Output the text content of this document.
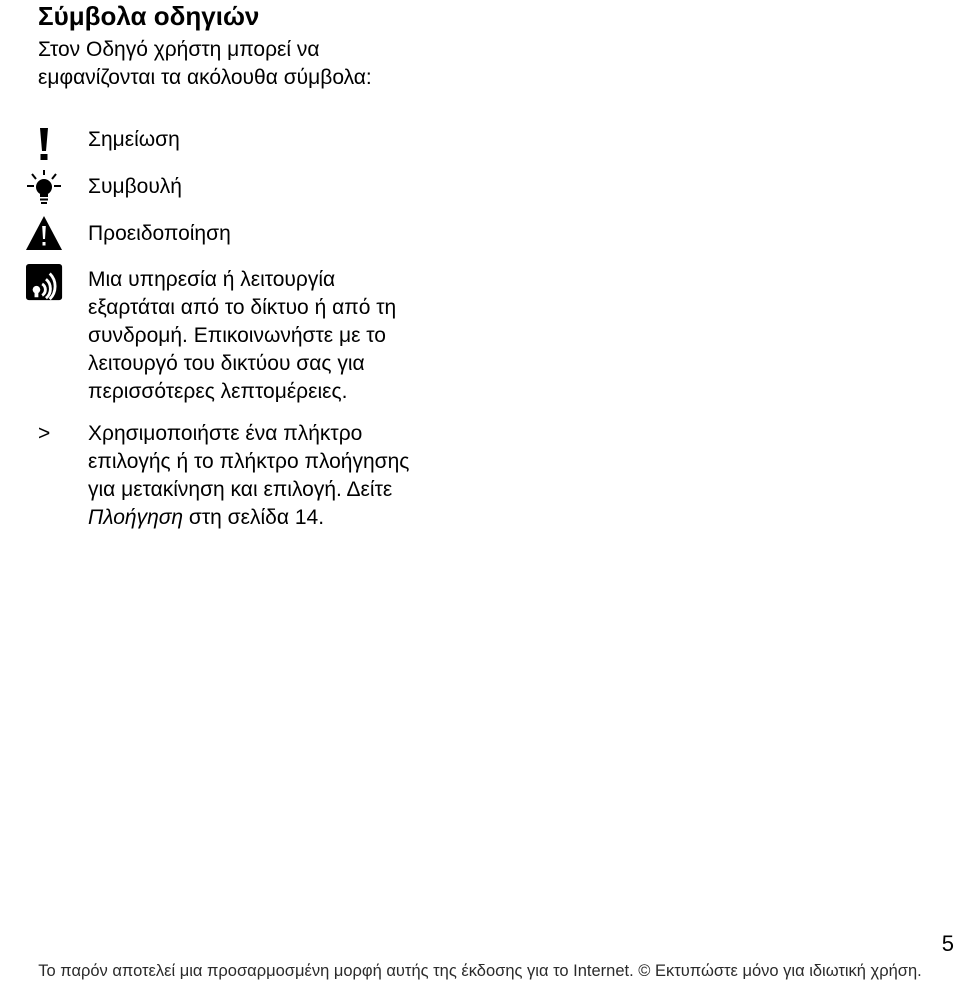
Σύμβολα οδηγιών
Στον Οδηγό χρήστη μπορεί να
εμφανίζονται τα ακόλουθα σύμβολα:
Σημείωση
Συμβουλή
Προειδοποίηση
Μια υπηρεσία ή λειτουργία
εξαρτάται από το δίκτυο ή από τη
συνδρομή. Επικοινωνήστε με το
λειτουργό του δικτύου σας για
περισσότερες λεπτομέρειες.
> Χρησιμοποιήστε ένα πλήκτρο
επιλογής ή το πλήκτρο πλοήγησης
για μετακίνηση και επιλογή. Δείτε
Πλοήγηση στη σελίδα 14.
5
Το παρόν αποτελεί μια προσαρμοσμένη μορφή αυτής της έκδοσης για το Internet. © Εκτυπώστε μόνο για ιδιωτική χρήση.
